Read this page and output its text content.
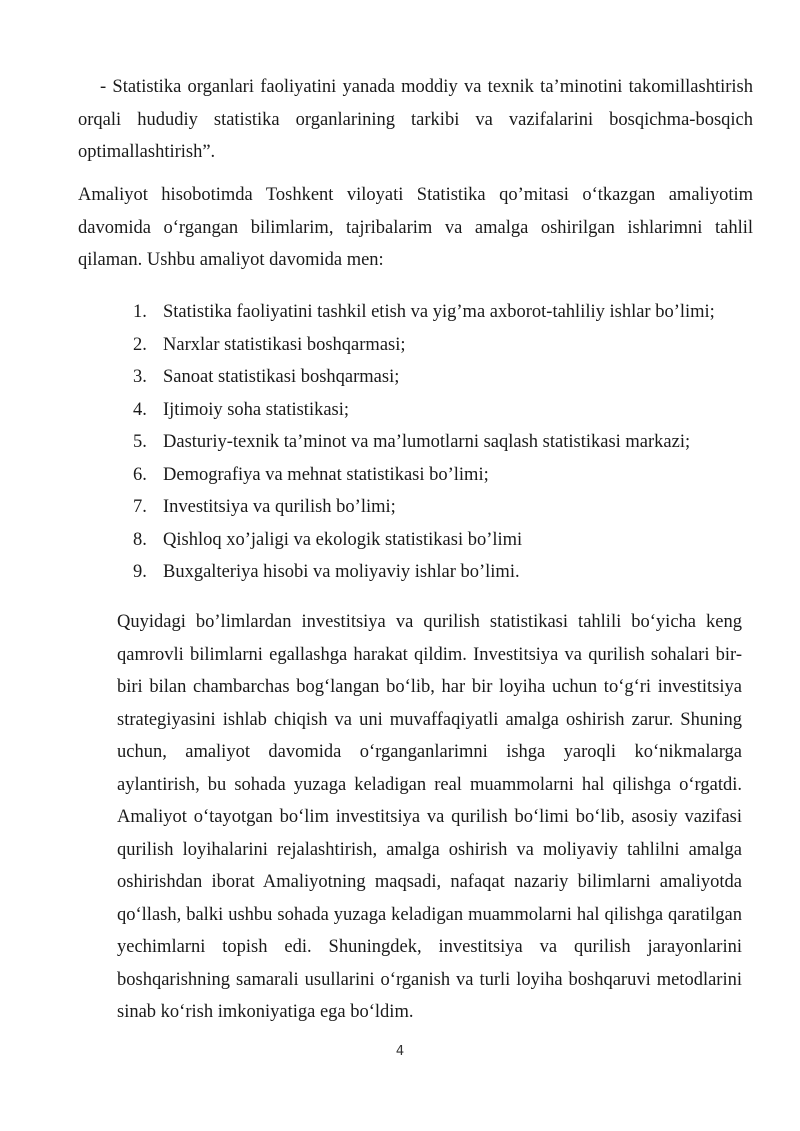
- Statistika organlari faoliyatini yanada moddiy va texnik ta’minotini takomillashtirish orqali hududiy statistika organlarining tarkibi va vazifalarini bosqichma-bosqich optimallashtirish”.

Amaliyot hisobotimda Toshkent viloyati Statistika qo’mitasi o‘tkazgan amaliyotim davomida o‘rgangan bilimlarim, tajribalarim va amalga oshirilgan ishlarimni tahlil qilaman. Ushbu amaliyot davomida men:

1. Statistika faoliyatini tashkil etish va yig’ma axborot-tahliliy ishlar bo’limi;
2. Narxlar statistikasi boshqarmasi;
3. Sanoat statistikasi boshqarmasi;
4. Ijtimoiy soha statistikasi;
5. Dasturiy-texnik ta’minot va ma’lumotlarni saqlash statistikasi markazi;
6. Demografiya va mehnat statistikasi bo’limi;
7. Investitsiya va qurilish bo’limi;
8. Qishloq xo’jaligi va ekologik statistikasi bo’limi
9. Buxgalteriya hisobi va moliyaviy ishlar bo’limi.

Quyidagi bo’limlardan investitsiya va qurilish statistikasi tahlili bo‘yicha keng qamrovli bilimlarni egallashga harakat qildim. Investitsiya va qurilish sohalari bir-biri bilan chambarchas bog‘langan bo‘lib, har bir loyiha uchun to‘g‘ri investitsiya strategiyasini ishlab chiqish va uni muvaffaqiyatli amalga oshirish zarur. Shuning uchun, amaliyot davomida o‘rganganlarimni ishga yaroqli ko‘nikmalarga aylantirish, bu sohada yuzaga keladigan real muammolarni hal qilishga o‘rgatdi. Amaliyot o‘tayotgan bo‘lim investitsiya va qurilish bo‘limi bo‘lib, asosiy vazifasi qurilish loyihalarini rejalashtirish, amalga oshirish va moliyaviy tahlilni amalga oshirishdan iborat Amaliyotning maqsadi, nafaqat nazariy bilimlarni amaliyotda qo‘llash, balki ushbu sohada yuzaga keladigan muammolarni hal qilishga qaratilgan yechimlarni topish edi. Shuningdek, investitsiya va qurilish jarayonlarini boshqarishning samarali usullarini o‘rganish va turli loyiha boshqaruvi metodlarini sinab ko‘rish imkoniyatiga ega bo‘ldim.

4
